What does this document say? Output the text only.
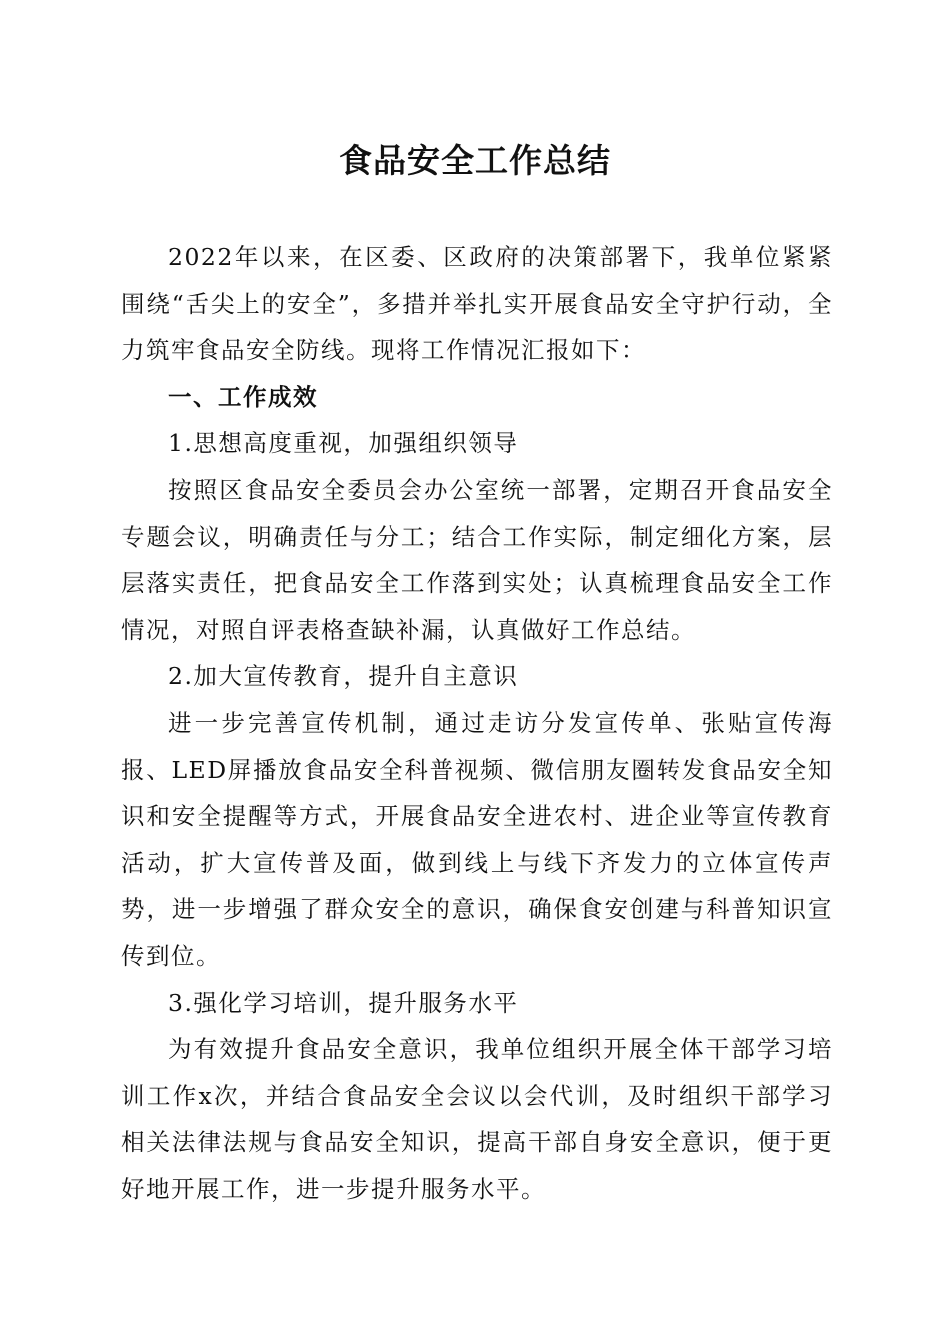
食品安全工作总结

2022年以来，在区委、区政府的决策部署下，我单位紧紧围绕“舌尖上的安全”，多措并举扎实开展食品安全守护行动，全力筑牢食品安全防线。现将工作情况汇报如下：

一、工作成效

1.思想高度重视，加强组织领导

按照区食品安全委员会办公室统一部署，定期召开食品安全专题会议，明确责任与分工；结合工作实际，制定细化方案，层层落实责任，把食品安全工作落到实处；认真梳理食品安全工作情况，对照自评表格查缺补漏，认真做好工作总结。

2.加大宣传教育，提升自主意识

进一步完善宣传机制，通过走访分发宣传单、张贴宣传海报、LED屏播放食品安全科普视频、微信朋友圈转发食品安全知识和安全提醒等方式，开展食品安全进农村、进企业等宣传教育活动，扩大宣传普及面，做到线上与线下齐发力的立体宣传声势，进一步增强了群众安全的意识，确保食安创建与科普知识宣传到位。

3.强化学习培训，提升服务水平

为有效提升食品安全意识，我单位组织开展全体干部学习培训工作x次，并结合食品安全会议以会代训，及时组织干部学习相关法律法规与食品安全知识，提高干部自身安全意识，便于更好地开展工作，进一步提升服务水平。
